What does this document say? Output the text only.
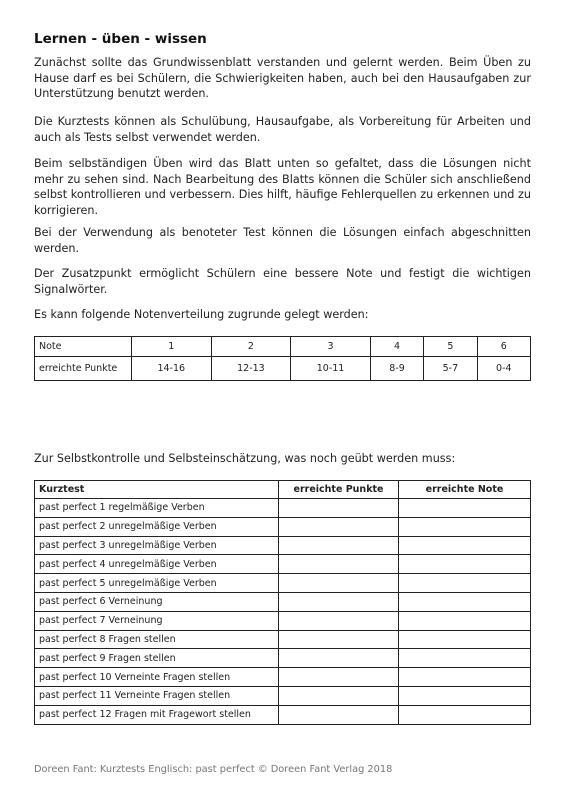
Lernen - üben - wissen

Zunächst sollte das Grundwissenblatt verstanden und gelernt werden. Beim Üben zu Hause darf es bei Schülern, die Schwierigkeiten haben, auch bei den Hausaufgaben zur Unterstützung benutzt werden.

Die Kurztests können als Schulübung, Hausaufgabe, als Vorbereitung für Arbeiten und auch als Tests selbst verwendet werden.

Beim selbständigen Üben wird das Blatt unten so gefaltet, dass die Lösungen nicht mehr zu sehen sind. Nach Bearbeitung des Blatts können die Schüler sich anschließend selbst kontrollieren und verbessern. Dies hilft, häufige Fehlerquellen zu erkennen und zu korrigieren.

Bei der Verwendung als benoteter Test können die Lösungen einfach abgeschnitten werden.

Der Zusatzpunkt ermöglicht Schülern eine bessere Note und festigt die wichtigen Signalwörter.

Es kann folgende Notenverteilung zugrunde gelegt werden:

Note	1	2	3	4	5	6
erreichte Punkte	14-16	12-13	10-11	8-9	5-7	0-4

Zur Selbstkontrolle und Selbsteinschätzung, was noch geübt werden muss:

Kurztest	erreichte Punkte	erreichte Note
past perfect 1 regelmäßige Verben		
past perfect 2 unregelmäßige Verben		
past perfect 3 unregelmäßige Verben		
past perfect 4 unregelmäßige Verben		
past perfect 5 unregelmäßige Verben		
past perfect 6 Verneinung		
past perfect 7 Verneinung		
past perfect 8 Fragen stellen		
past perfect 9 Fragen stellen		
past perfect 10 Verneinte Fragen stellen		
past perfect 11 Verneinte Fragen stellen		
past perfect 12 Fragen mit Fragewort stellen		

Doreen Fant: Kurztests Englisch: past perfect © Doreen Fant Verlag 2018
